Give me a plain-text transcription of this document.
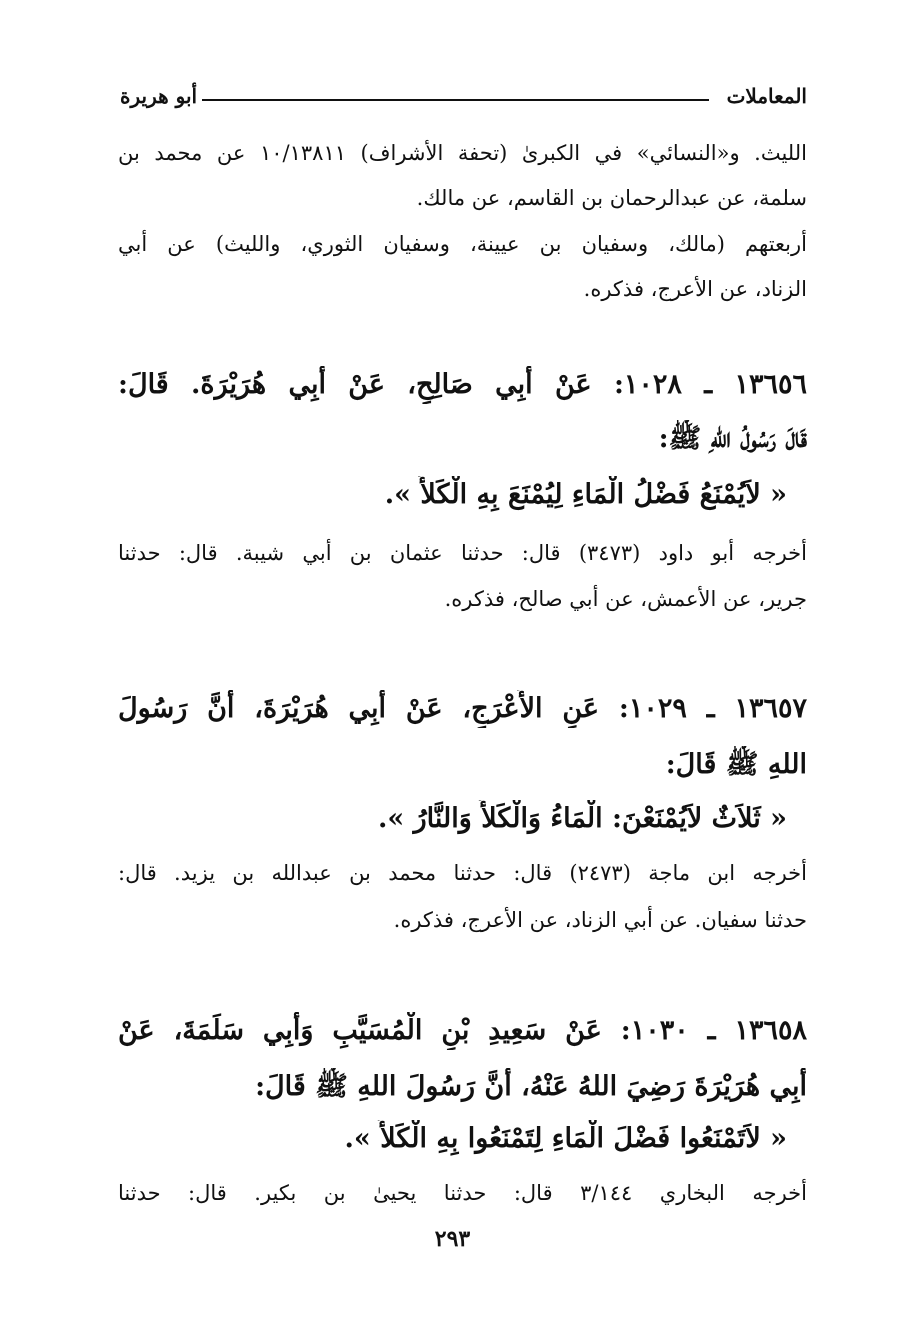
المعاملات
أبو هريرة
الليث. و«النسائي» في الكبرىٰ (تحفة الأشراف) ١٠/١٣٨١١ عن محمد بن
سلمة، عن عبدالرحمان بن القاسم، عن مالك.
أربعتهم (مالك، وسفيان بن عيينة، وسفيان الثوري، والليث) عن أبي
الزناد، عن الأعرج، فذكره.
١٣٦٥٦ ـ ١٠٢٨: عَنْ أَبِي صَالِحٍ، عَنْ أَبِي هُرَيْرَةَ. قَالَ:
قَالَ رَسُولُ اللهِ ﷺ:
« لاَيُمْنَعُ فَضْلُ الْمَاءِ لِيُمْنَعَ بِهِ الْكَلأُ ».
أخرجه أبو داود (٣٤٧٣) قال: حدثنا عثمان بن أبي شيبة. قال: حدثنا
جرير، عن الأعمش، عن أبي صالح، فذكره.
١٣٦٥٧ ـ ١٠٢٩: عَنِ الأَعْرَجِ، عَنْ أَبِي هُرَيْرَةَ، أَنَّ رَسُولَ
اللهِ ﷺ قَالَ:
« ثَلاَثٌ لاَيُمْنَعْنَ: الْمَاءُ وَالْكَلأُ وَالنَّارُ ».
أخرجه ابن ماجة (٢٤٧٣) قال: حدثنا محمد بن عبدالله بن يزيد. قال:
حدثنا سفيان. عن أبي الزناد، عن الأعرج، فذكره.
١٣٦٥٨ ـ ١٠٣٠: عَنْ سَعِيدِ بْنِ الْمُسَيَّبِ وَأَبِي سَلَمَةَ، عَنْ
أَبِي هُرَيْرَةَ رَضِيَ اللهُ عَنْهُ، أَنَّ رَسُولَ اللهِ ﷺ قَالَ:
« لاَتَمْنَعُوا فَضْلَ الْمَاءِ لِتَمْنَعُوا بِهِ الْكَلأَ ».
أخرجه البخاري ٣/١٤٤ قال: حدثنا يحيىٰ بن بكير. قال: حدثنا
٢٩٣
